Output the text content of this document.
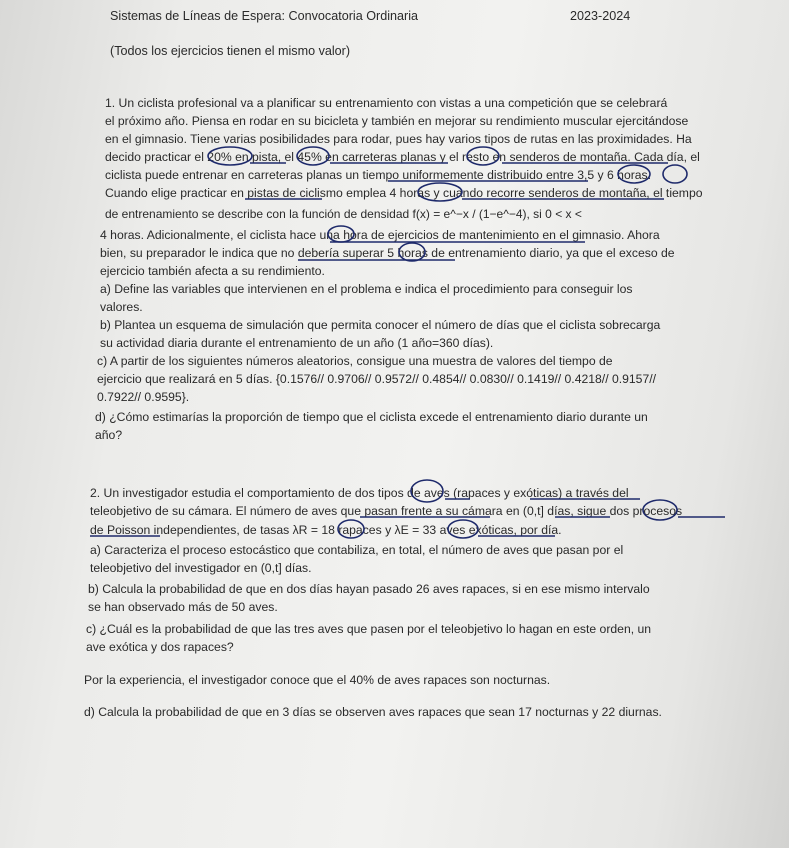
Sistemas de Líneas de Espera: Convocatoria Ordinaria	2023-2024
(Todos los ejercicios tienen el mismo valor)
1. Un ciclista profesional va a planificar su entrenamiento con vistas a una competición que se celebrará
el próximo año. Piensa en rodar en su bicicleta y también en mejorar su rendimiento muscular ejercitándose
en el gimnasio. Tiene varias posibilidades para rodar, pues hay varios tipos de rutas en las proximidades. Ha
decido practicar el 20% en pista, el 45% en carreteras planas y el resto en senderos de montaña. Cada día, el
ciclista puede entrenar en carreteras planas un tiempo uniformemente distribuido entre 3,5 y 6 horas.
Cuando elige practicar en pistas de ciclismo emplea 4 horas y cuando recorre senderos de montaña, el tiempo
de entrenamiento se describe con la función de densidad f(x) = e^−x / (1−e^−4), si 0 < x <
4 horas. Adicionalmente, el ciclista hace una hora de ejercicios de mantenimiento en el gimnasio. Ahora
bien, su preparador le indica que no debería superar 5 horas de entrenamiento diario, ya que el exceso de
ejercicio también afecta a su rendimiento.
a) Define las variables que intervienen en el problema e indica el procedimiento para conseguir los
valores.
b) Plantea un esquema de simulación que permita conocer el número de días que el ciclista sobrecarga
su actividad diaria durante el entrenamiento de un año (1 año=360 días).
c) A partir de los siguientes números aleatorios, consigue una muestra de valores del tiempo de
ejercicio que realizará en 5 días. {0.1576// 0.9706// 0.9572// 0.4854// 0.0830// 0.1419// 0.4218// 0.9157//
0.7922// 0.9595}.
d) ¿Cómo estimarías la proporción de tiempo que el ciclista excede el entrenamiento diario durante un
año?
2. Un investigador estudia el comportamiento de dos tipos de aves (rapaces y exóticas) a través del
teleobjetivo de su cámara. El número de aves que pasan frente a su cámara en (0,t] días, sigue dos procesos
de Poisson independientes, de tasas λR = 18 rapaces y λE = 33 aves exóticas, por día.
a) Caracteriza el proceso estocástico que contabiliza, en total, el número de aves que pasan por el
teleobjetivo del investigador en (0,t] días.
b) Calcula la probabilidad de que en dos días hayan pasado 26 aves rapaces, si en ese mismo intervalo
se han observado más de 50 aves.
c) ¿Cuál es la probabilidad de que las tres aves que pasen por el teleobjetivo lo hagan en este orden, un
ave exótica y dos rapaces?
Por la experiencia, el investigador conoce que el 40% de aves rapaces son nocturnas.
d) Calcula la probabilidad de que en 3 días se observen aves rapaces que sean 17 nocturnas y 22 diurnas.
